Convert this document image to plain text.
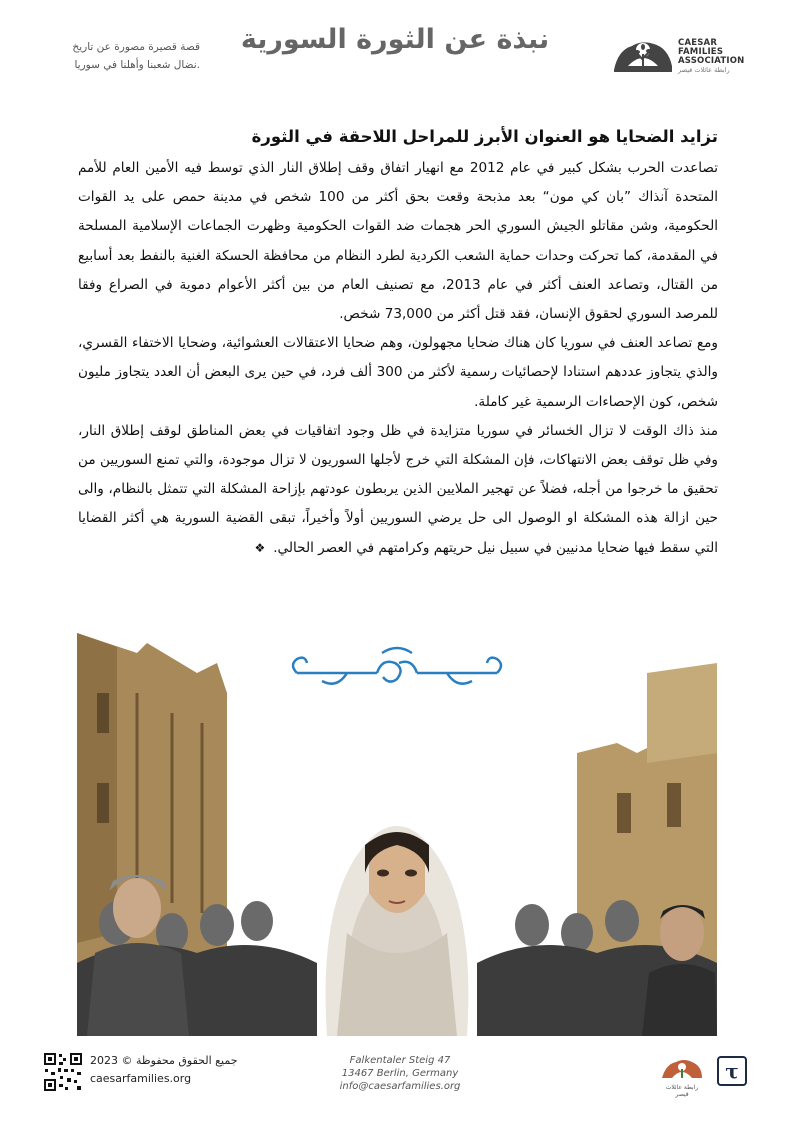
قصة قصيرة مصورة عن تاريخ
نضال شعبنا وأهلنا في سوريا.
نبذة عن الثورة السورية	CAESAR
FAMILIES
ASSOCIATION
رابطة عائلات قيصر
تزايد الضحايا هو العنوان الأبرز للمراحل اللاحقة في الثورة

تصاعدت الحرب بشكل كبير في عام 2012 مع انهيار اتفاق وقف إطلاق النار الذي توسط فيه الأمين العام للأمم المتحدة آنذاك ”بان كي مون“ بعد مذبحة وقعت بحق أكثر من 100 شخص في مدينة حمص على يد القوات الحكومية، وشن مقاتلو الجيش السوري الحر هجمات ضد القوات الحكومية وظهرت الجماعات الإسلامية المسلحة في المقدمة، كما تحركت وحدات حماية الشعب الكردية لطرد النظام من محافظة الحسكة الغنية بالنفط بعد أسابيع من القتال، وتصاعد العنف أكثر في عام 2013، مع تصنيف العام من بين أكثر الأعوام دموية في الصراع وفقا للمرصد السوري لحقوق الإنسان، فقد قتل أكثر من 73,000 شخص.

ومع تصاعد العنف في سوريا كان هناك ضحايا مجهولون، وهم ضحايا الاعتقالات العشوائية، وضحايا الاختفاء القسري، والذي يتجاوز عددهم استنادا لإحصائيات رسمية لأكثر من 300 ألف فرد، في حين يرى البعض أن العدد يتجاوز مليون شخص، كون الإحصاءات الرسمية غير كاملة.

منذ ذاك الوقت لا تزال الخسائر في سوريا متزايدة في ظل وجود اتفاقيات في بعض المناطق لوقف إطلاق النار، وفي ظل توقف بعض الانتهاكات، فإن المشكلة التي خرج لأجلها السوريون لا تزال موجودة، والتي تمنع السوريين من تحقيق ما خرجوا من أجله، فضلاً عن تهجير الملايين الذين يربطون عودتهم بإزاحة المشكلة التي تتمثل بالنظام، والى حين ازالة هذه المشكلة او الوصول الى حل يرضي السوريين أولاً وأخيراً، تبقى القضية السورية هي أكثر القضايا التي سقط فيها ضحايا مدنيين في سبيل نيل حريتهم وكرامتهم في العصر الحالي.❖

جميع الحقوق محفوظة © 2023
caesarfamilies.org
Falkentaler Steig 47
13467 Berlin, Germany
info@caesarfamilies.org	رابطة عائلات قيصر
τ
